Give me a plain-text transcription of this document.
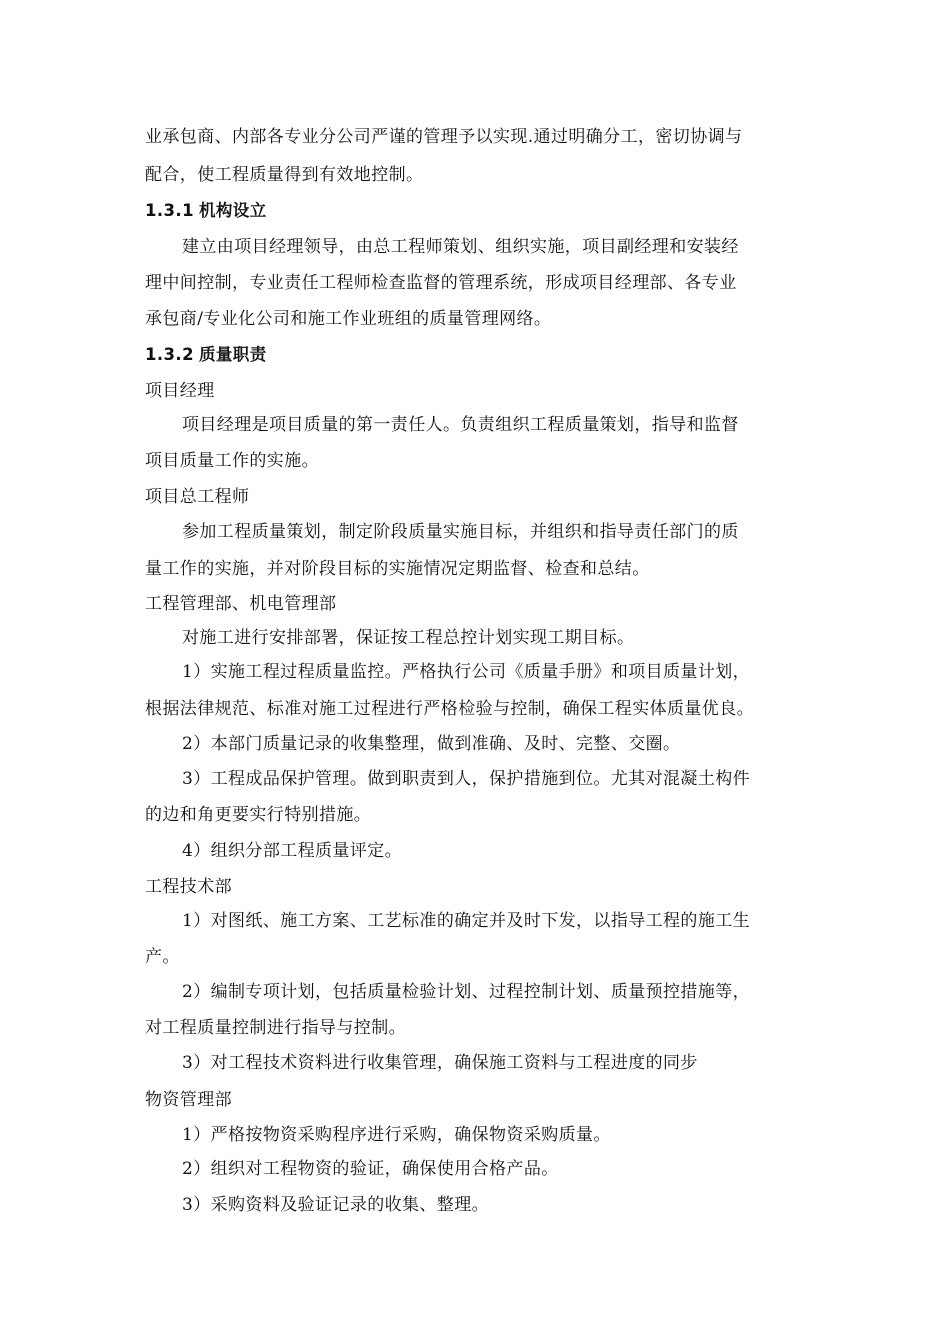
业承包商、内部各专业分公司严谨的管理予以实现.通过明确分工，密切协调与
配合，使工程质量得到有效地控制。
1.3.1 机构设立
建立由项目经理领导，由总工程师策划、组织实施，项目副经理和安装经
理中间控制，专业责任工程师检查监督的管理系统，形成项目经理部、各专业
承包商/专业化公司和施工作业班组的质量管理网络。
1.3.2 质量职责
项目经理
项目经理是项目质量的第一责任人。负责组织工程质量策划，指导和监督
项目质量工作的实施。
项目总工程师
参加工程质量策划，制定阶段质量实施目标，并组织和指导责任部门的质
量工作的实施，并对阶段目标的实施情况定期监督、检查和总结。
工程管理部、机电管理部
对施工进行安排部署，保证按工程总控计划实现工期目标。
1）实施工程过程质量监控。严格执行公司《质量手册》和项目质量计划，
根据法律规范、标准对施工过程进行严格检验与控制，确保工程实体质量优良。
2）本部门质量记录的收集整理，做到准确、及时、完整、交圈。
3）工程成品保护管理。做到职责到人，保护措施到位。尤其对混凝土构件
的边和角更要实行特别措施。
4）组织分部工程质量评定。
工程技术部
1）对图纸、施工方案、工艺标准的确定并及时下发，以指导工程的施工生
产。
2）编制专项计划，包括质量检验计划、过程控制计划、质量预控措施等，
对工程质量控制进行指导与控制。
3）对工程技术资料进行收集管理，确保施工资料与工程进度的同步
物资管理部
1）严格按物资采购程序进行采购，确保物资采购质量。
2）组织对工程物资的验证，确保使用合格产品。
3）采购资料及验证记录的收集、整理。
